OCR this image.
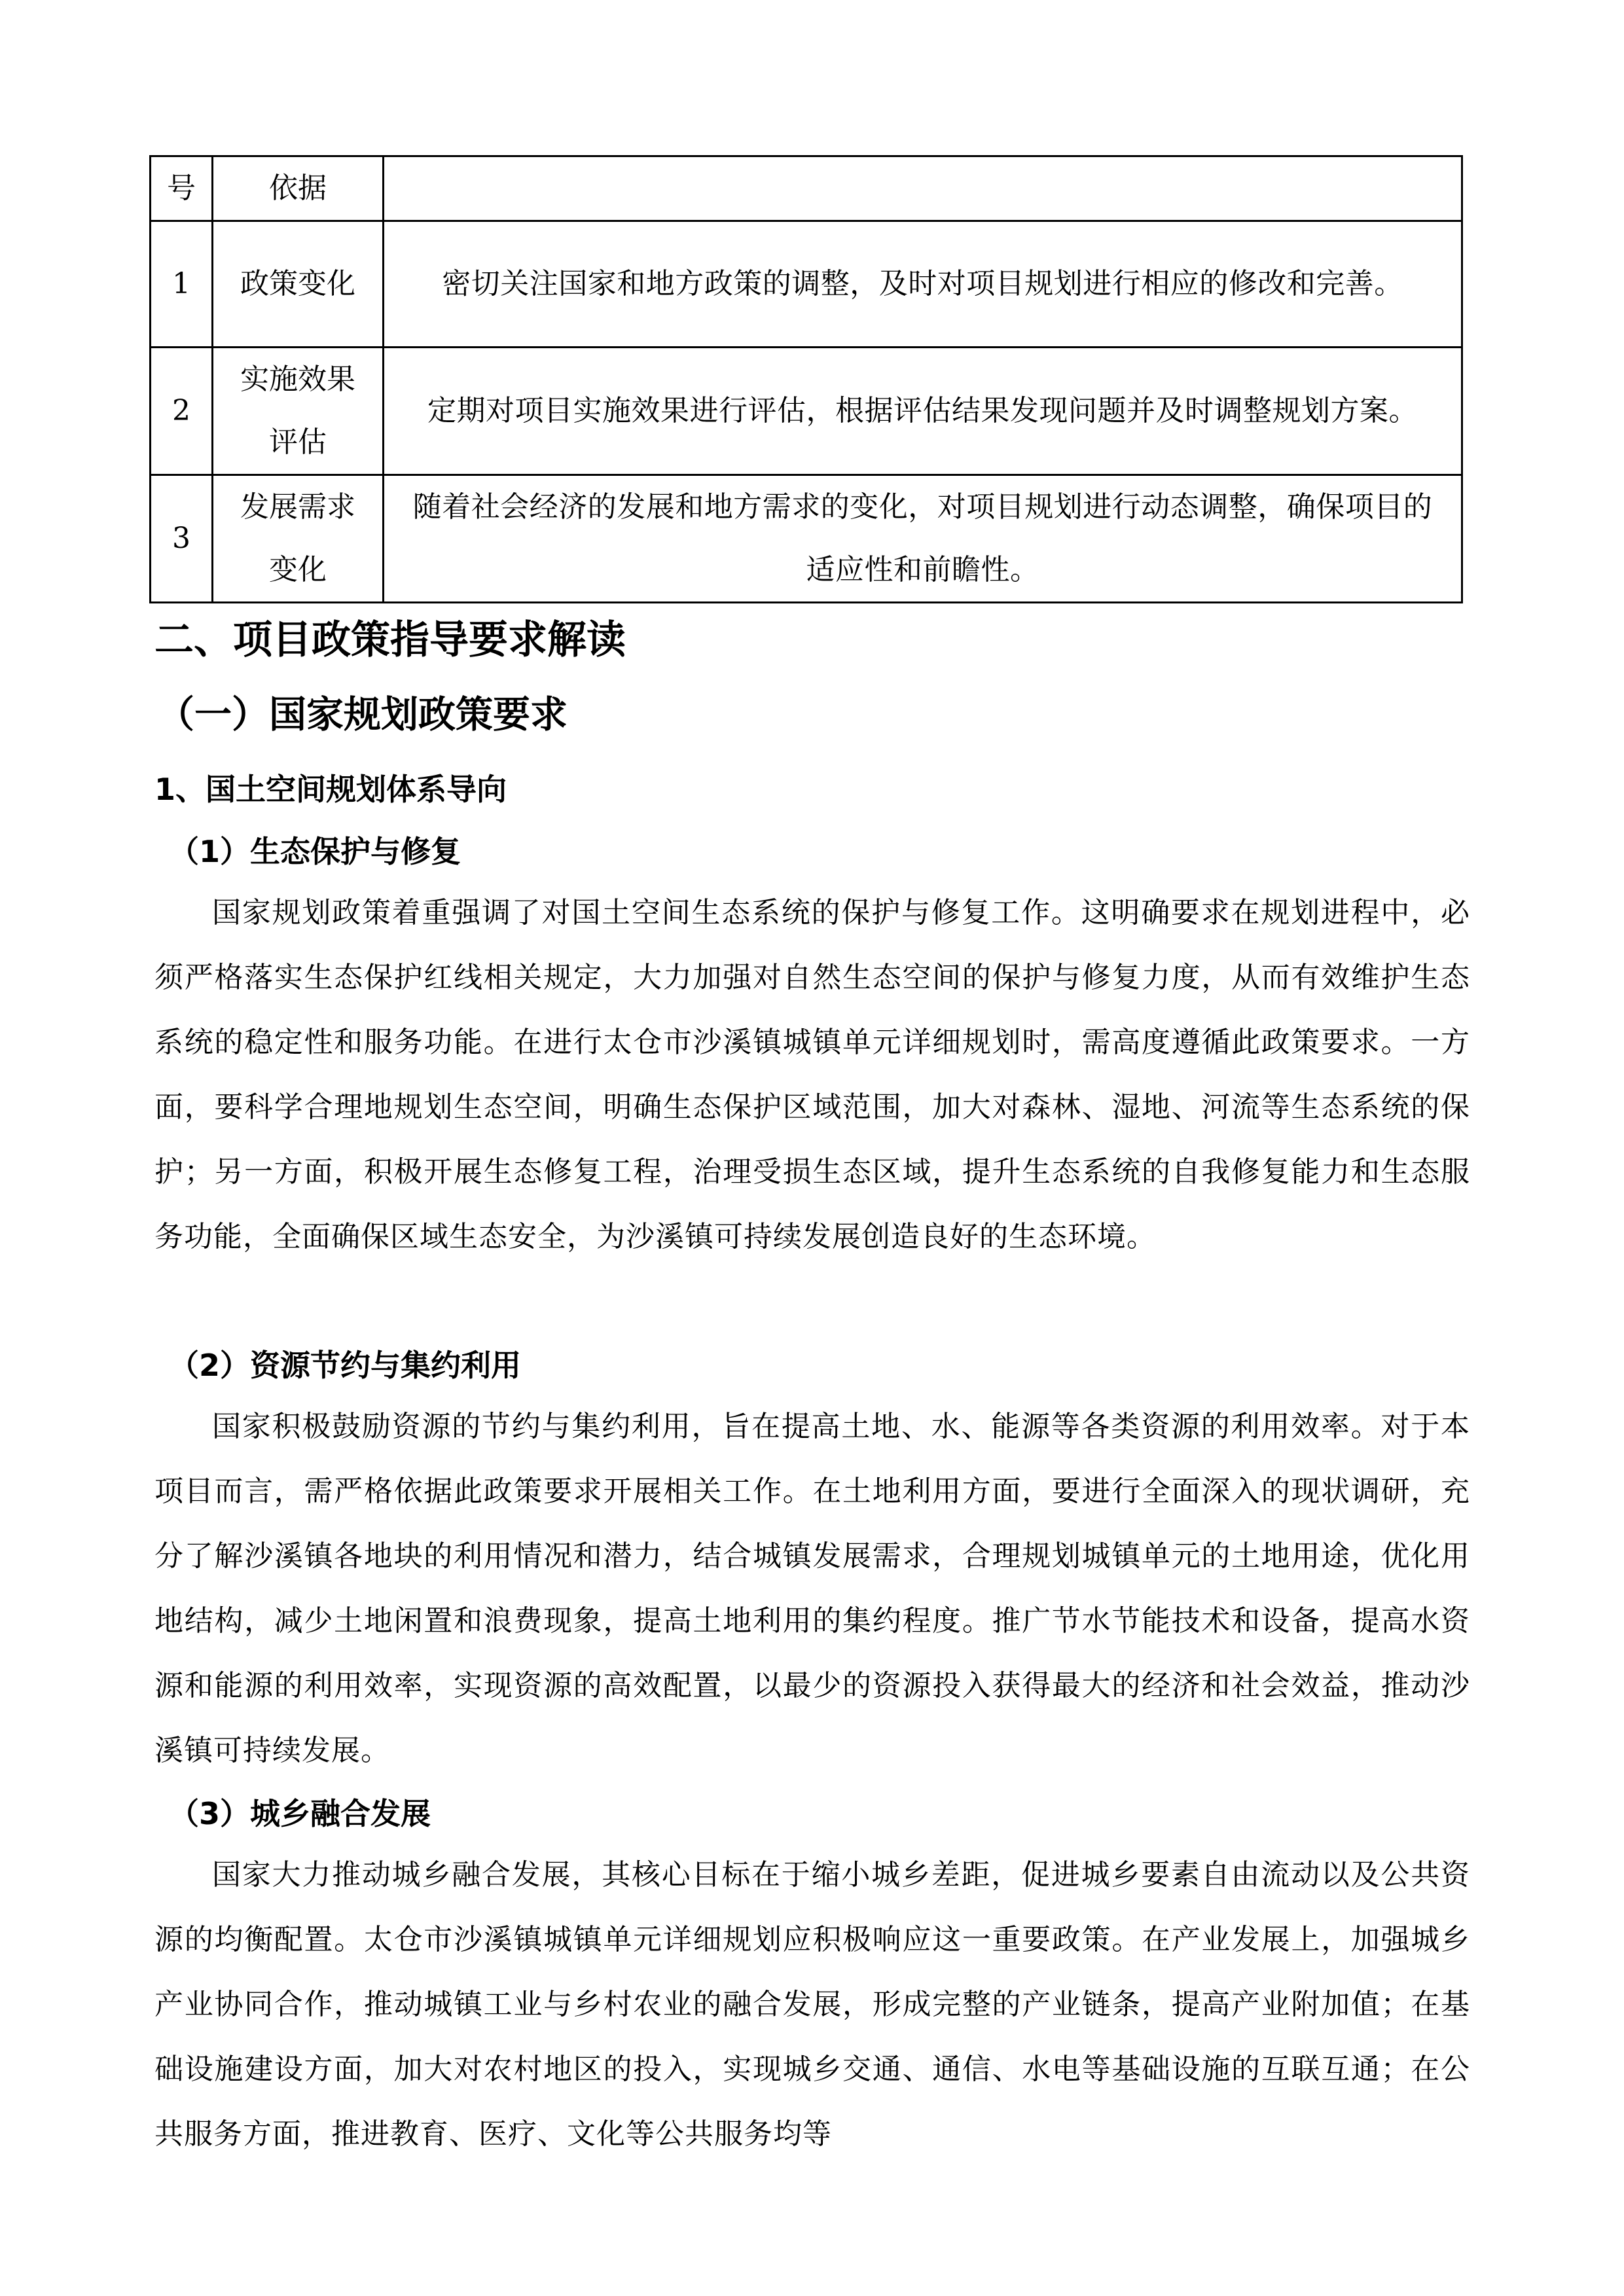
号	依据	
1	政策变化	密切关注国家和地方政策的调整，及时对项目规划进行相应的修改和完善。
2	实施效果评估	定期对项目实施效果进行评估，根据评估结果发现问题并及时调整规划方案。
3	发展需求变化	随着社会经济的发展和地方需求的变化，对项目规划进行动态调整，确保项目的适应性和前瞻性。
二、项目政策指导要求解读
（一）国家规划政策要求
1、国土空间规划体系导向
（1）生态保护与修复
国家规划政策着重强调了对国土空间生态系统的保护与修复工作。这明确要求在规划进程中，必须严格落实生态保护红线相关规定，大力加强对自然生态空间的保护与修复力度，从而有效维护生态系统的稳定性和服务功能。在进行太仓市沙溪镇城镇单元详细规划时，需高度遵循此政策要求。一方面，要科学合理地规划生态空间，明确生态保护区域范围，加大对森林、湿地、河流等生态系统的保护；另一方面，积极开展生态修复工程，治理受损生态区域，提升生态系统的自我修复能力和生态服务功能，全面确保区域生态安全，为沙溪镇可持续发展创造良好的生态环境。
（2）资源节约与集约利用
国家积极鼓励资源的节约与集约利用，旨在提高土地、水、能源等各类资源的利用效率。对于本项目而言，需严格依据此政策要求开展相关工作。在土地利用方面，要进行全面深入的现状调研，充分了解沙溪镇各地块的利用情况和潜力，结合城镇发展需求，合理规划城镇单元的土地用途，优化用地结构，减少土地闲置和浪费现象，提高土地利用的集约程度。推广节水节能技术和设备，提高水资源和能源的利用效率，实现资源的高效配置，以最少的资源投入获得最大的经济和社会效益，推动沙溪镇可持续发展。
（3）城乡融合发展
国家大力推动城乡融合发展，其核心目标在于缩小城乡差距，促进城乡要素自由流动以及公共资源的均衡配置。太仓市沙溪镇城镇单元详细规划应积极响应这一重要政策。在产业发展上，加强城乡产业协同合作，推动城镇工业与乡村农业的融合发展，形成完整的产业链条，提高产业附加值；在基础设施建设方面，加大对农村地区的投入，实现城乡交通、通信、水电等基础设施的互联互通；在公共服务方面，推进教育、医疗、文化等公共服务均等
